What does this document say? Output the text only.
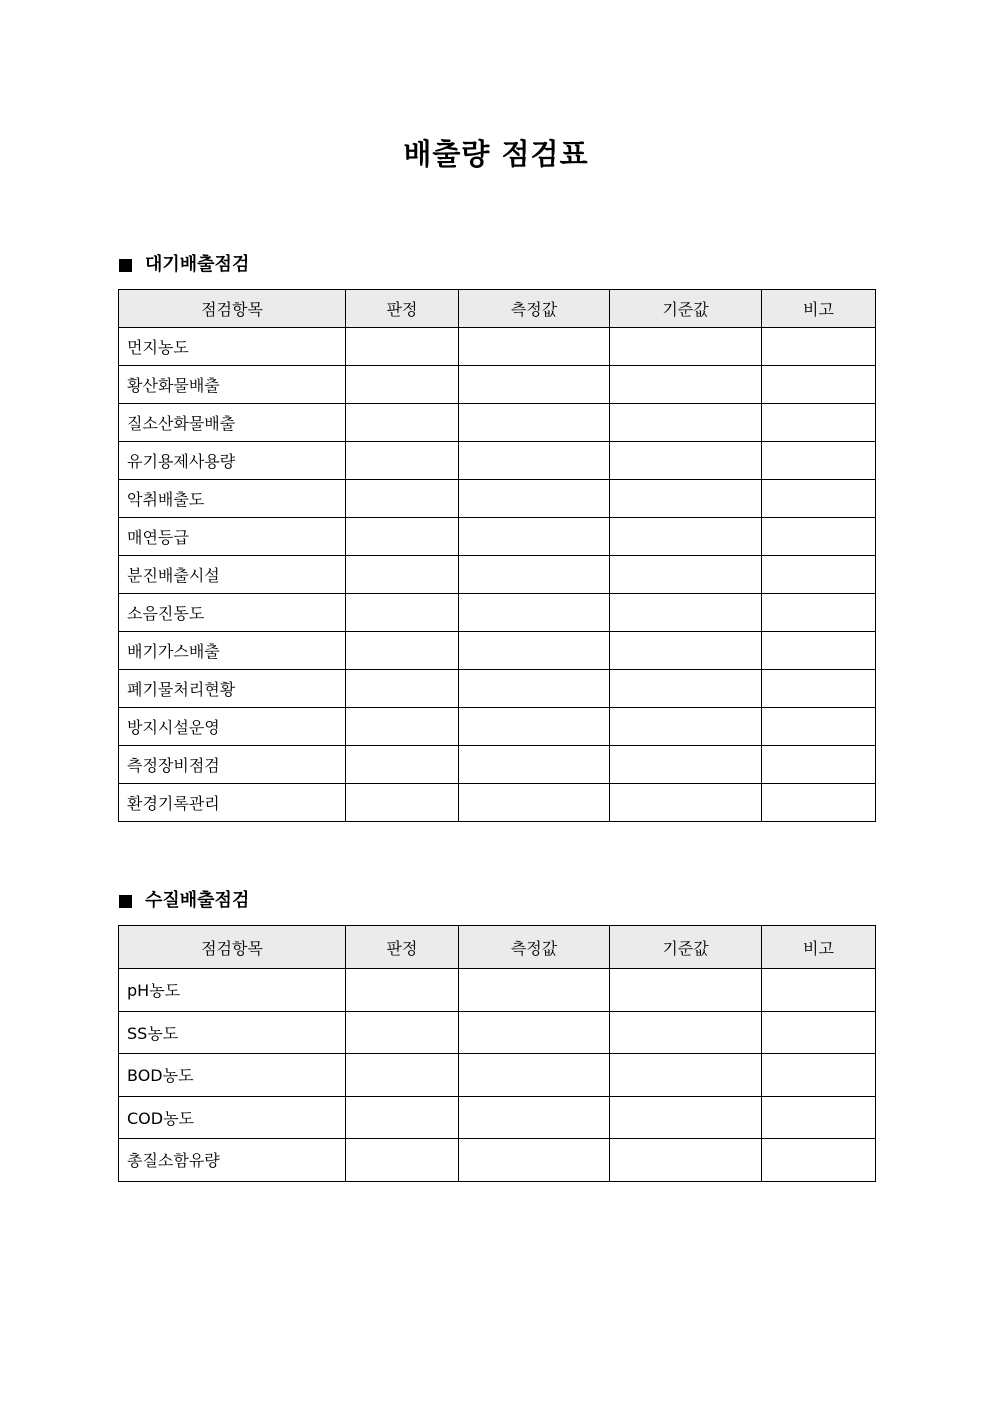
배출량 점검표
대기배출점검
점검항목	판정	측정값	기준값	비고
먼지농도				
황산화물배출				
질소산화물배출				
유기용제사용량				
악취배출도				
매연등급				
분진배출시설				
소음진동도				
배기가스배출				
폐기물처리현황				
방지시설운영				
측정장비점검				
환경기록관리				
수질배출점검
점검항목	판정	측정값	기준값	비고
pH농도				
SS농도				
BOD농도				
COD농도				
총질소함유량				
